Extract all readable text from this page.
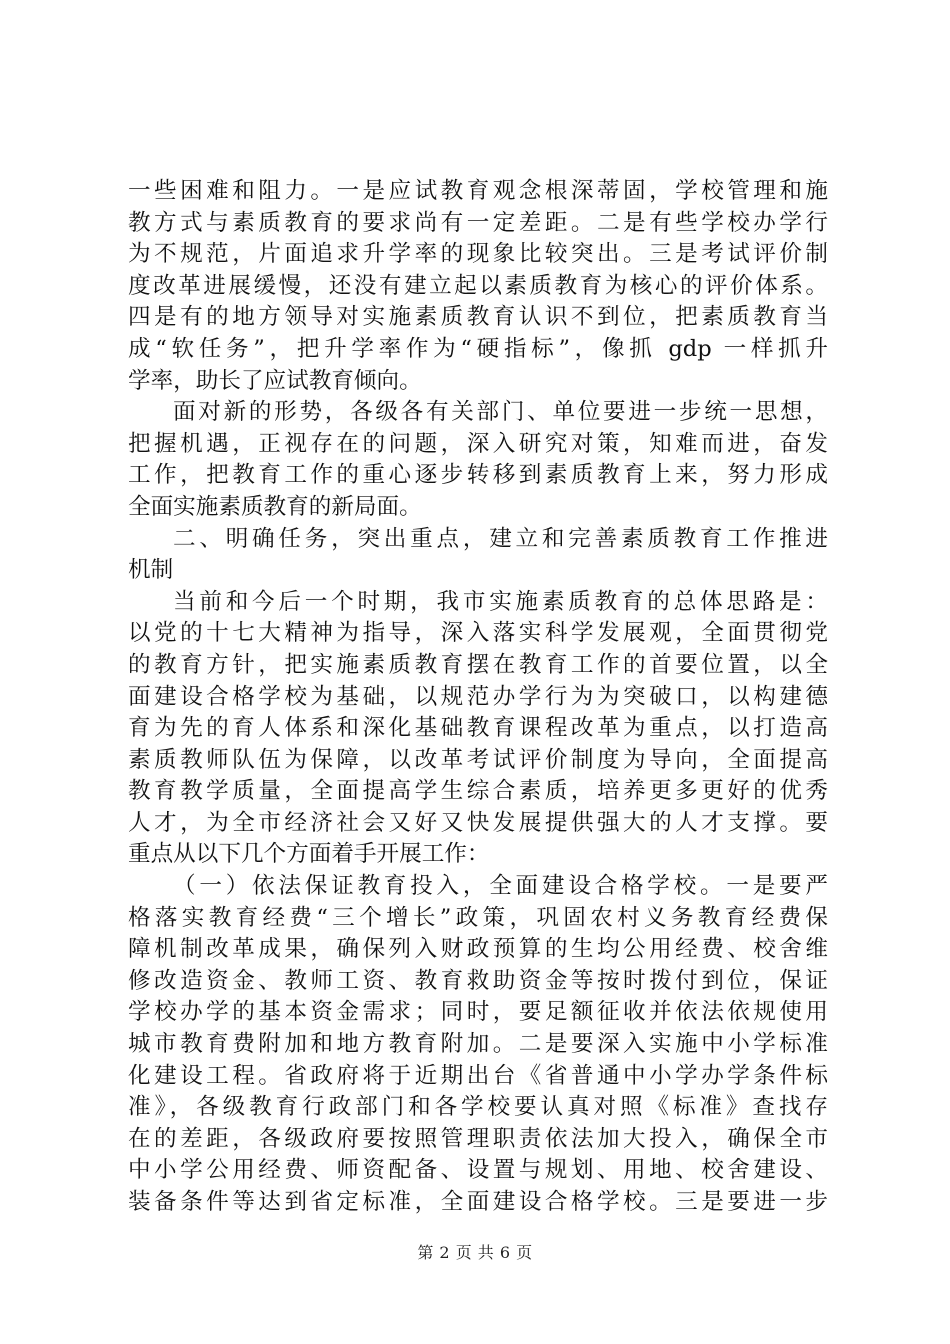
一些困难和阻力。一是应试教育观念根深蒂固，学校管理和施
教方式与素质教育的要求尚有一定差距。二是有些学校办学行
为不规范，片面追求升学率的现象比较突出。三是考试评价制
度改革进展缓慢，还没有建立起以素质教育为核心的评价体系。
四是有的地方领导对实施素质教育认识不到位，把素质教育当
成“软任务”，把升学率作为“硬指标”，像抓 gdp 一样抓升
学率，助长了应试教育倾向。
面对新的形势，各级各有关部门、单位要进一步统一思想，
把握机遇，正视存在的问题，深入研究对策，知难而进，奋发
工作，把教育工作的重心逐步转移到素质教育上来，努力形成
全面实施素质教育的新局面。
二、明确任务，突出重点，建立和完善素质教育工作推进
机制
当前和今后一个时期，我市实施素质教育的总体思路是：
以党的十七大精神为指导，深入落实科学发展观，全面贯彻党
的教育方针，把实施素质教育摆在教育工作的首要位置，以全
面建设合格学校为基础，以规范办学行为为突破口，以构建德
育为先的育人体系和深化基础教育课程改革为重点，以打造高
素质教师队伍为保障，以改革考试评价制度为导向，全面提高
教育教学质量，全面提高学生综合素质，培养更多更好的优秀
人才，为全市经济社会又好又快发展提供强大的人才支撑。要
重点从以下几个方面着手开展工作：
（一）依法保证教育投入，全面建设合格学校。一是要严
格落实教育经费“三个增长”政策，巩固农村义务教育经费保
障机制改革成果，确保列入财政预算的生均公用经费、校舍维
修改造资金、教师工资、教育救助资金等按时拨付到位，保证
学校办学的基本资金需求；同时，要足额征收并依法依规使用
城市教育费附加和地方教育附加。二是要深入实施中小学标准
化建设工程。省政府将于近期出台《省普通中小学办学条件标
准》，各级教育行政部门和各学校要认真对照《标准》查找存
在的差距，各级政府要按照管理职责依法加大投入，确保全市
中小学公用经费、师资配备、设置与规划、用地、校舍建设、
装备条件等达到省定标准，全面建设合格学校。三是要进一步
第 2 页 共 6 页
